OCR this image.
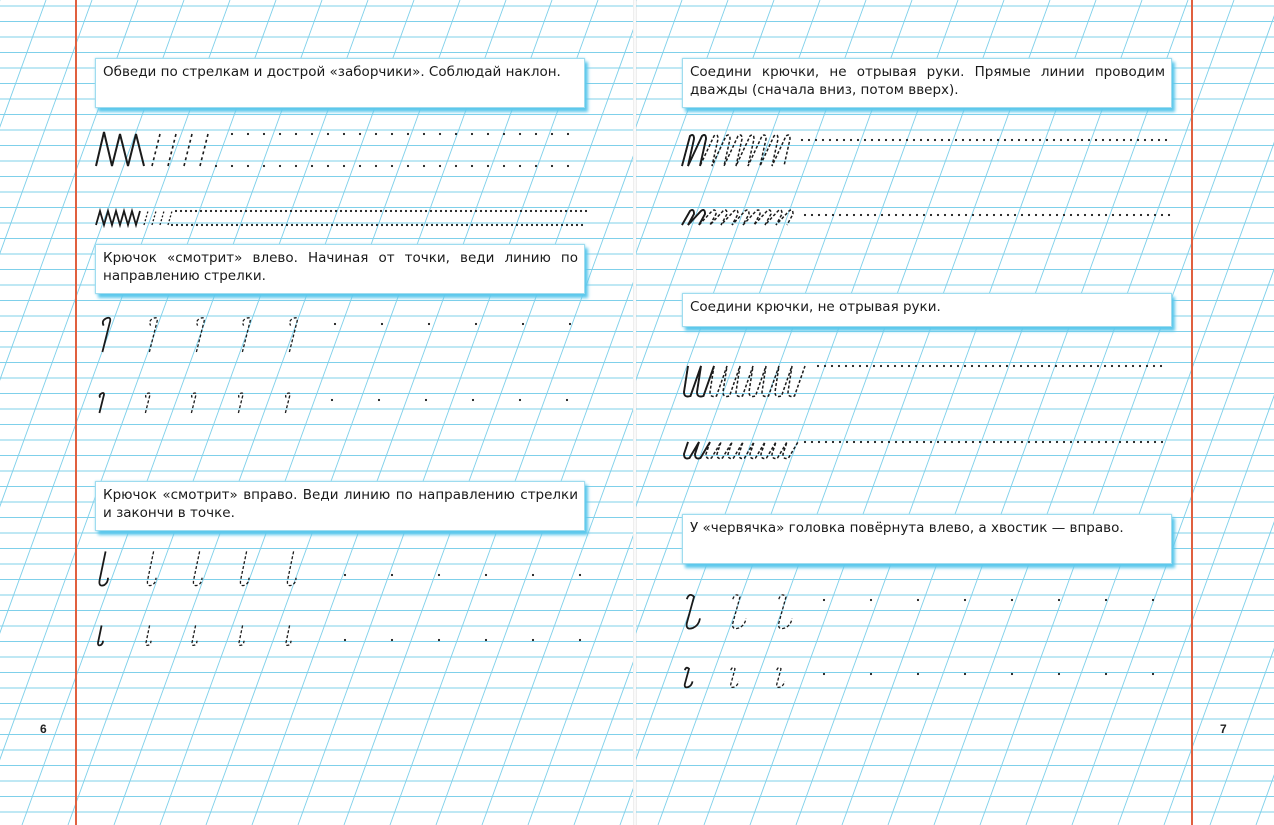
Обведи по стрелкам и дострой «заборчики». Соблюдай наклон.
Крючок «смотрит» влево. Начиная от точки, веди линию по направлению стрелки.
Крючок «смотрит» вправо. Веди линию по направлению стрелки и закончи в точке.
6
Соедини крючки, не отрывая руки. Прямые линии проводим дважды (сначала вниз, потом вверх).
Соедини крючки, не отрывая руки.
У «червячка» головка повёрнута влево, а хвостик — вправо.
7
